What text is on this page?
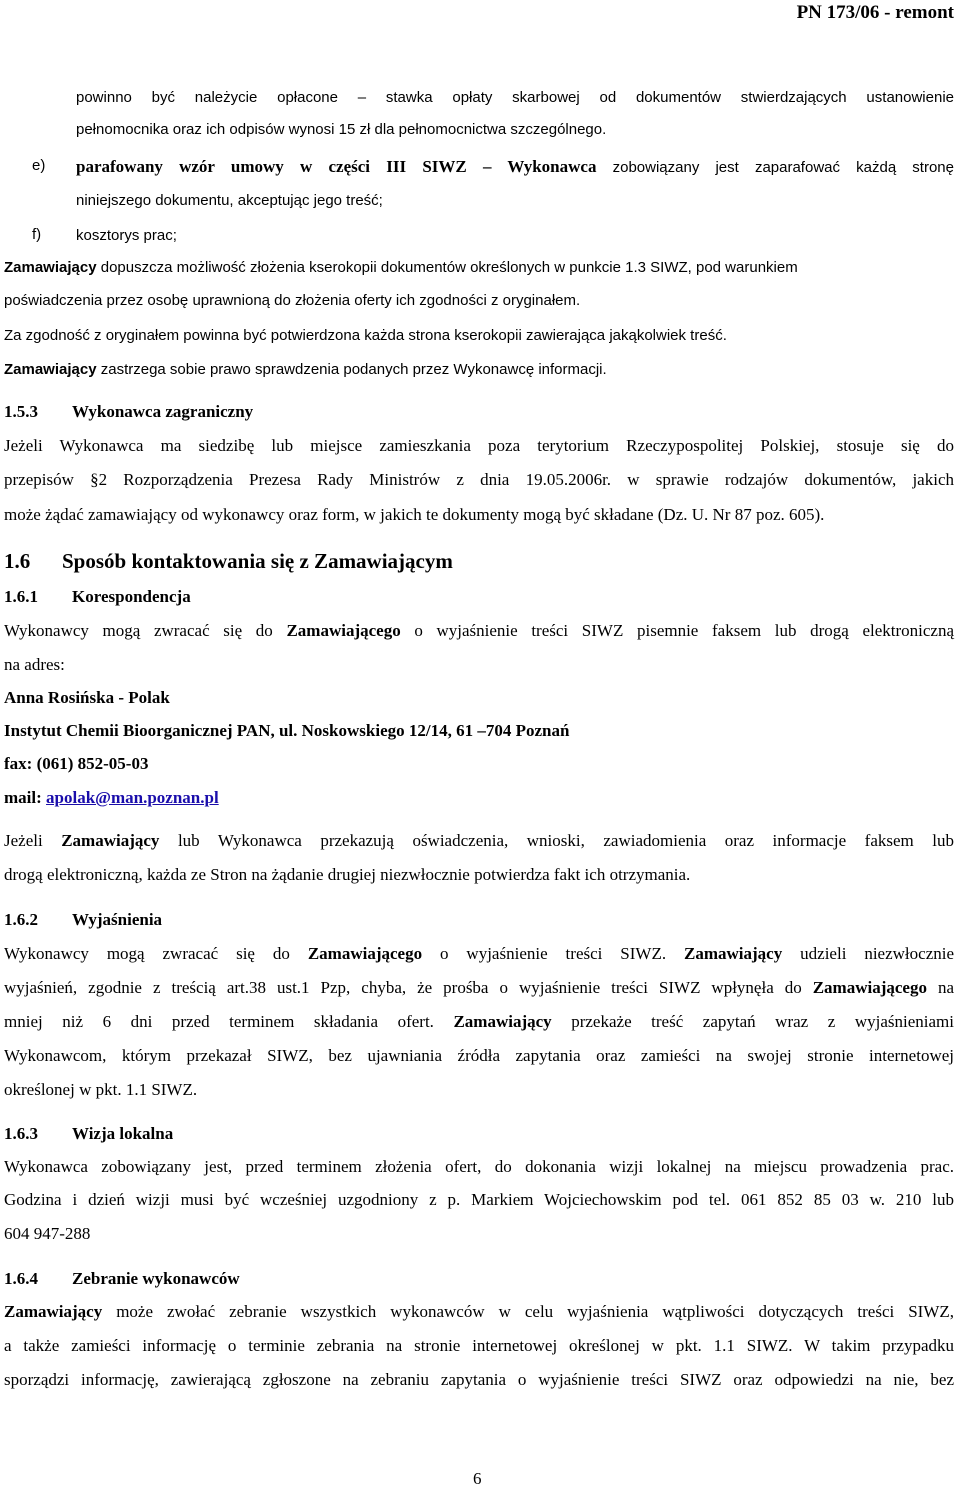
PN 173/06 - remont

powinno być należycie opłacone – stawka opłaty skarbowej od dokumentów stwierdzających ustanowienie

pełnomocnika oraz ich odpisów wynosi 15 zł dla pełnomocnictwa szczególnego.

e) parafowany wzór umowy w części III SIWZ – Wykonawca zobowiązany jest zaparafować każdą stronę

niniejszego dokumentu, akceptując jego treść;

f) kosztorys prac;

Zamawiający dopuszcza możliwość złożenia kserokopii dokumentów określonych w punkcie 1.3 SIWZ, pod warunkiem

poświadczenia przez osobę uprawnioną do złożenia oferty ich zgodności z oryginałem.

Za zgodność z oryginałem powinna być potwierdzona każda strona kserokopii zawierająca jakąkolwiek treść.

Zamawiający zastrzega sobie prawo sprawdzenia podanych przez Wykonawcę informacji.

1.5.3 Wykonawca zagraniczny

Jeżeli Wykonawca ma siedzibę lub miejsce zamieszkania poza terytorium Rzeczypospolitej Polskiej, stosuje się do

przepisów §2 Rozporządzenia Prezesa Rady Ministrów z dnia 19.05.2006r. w sprawie rodzajów dokumentów, jakich

może żądać zamawiający od wykonawcy oraz form, w jakich te dokumenty mogą być składane (Dz. U. Nr 87 poz. 605).

1.6 Sposób kontaktowania się z Zamawiającym

1.6.1 Korespondencja

Wykonawcy mogą zwracać się do Zamawiającego o wyjaśnienie treści SIWZ pisemnie faksem lub drogą elektroniczną

na adres:

Anna Rosińska - Polak

Instytut Chemii Bioorganicznej PAN, ul. Noskowskiego 12/14, 61 –704 Poznań

fax: (061) 852-05-03

mail: apolak@man.poznan.pl

Jeżeli Zamawiający lub Wykonawca przekazują oświadczenia, wnioski, zawiadomienia oraz informacje faksem lub

drogą elektroniczną, każda ze Stron na żądanie drugiej niezwłocznie potwierdza fakt ich otrzymania.

1.6.2 Wyjaśnienia

Wykonawcy mogą zwracać się do Zamawiającego o wyjaśnienie treści SIWZ. Zamawiający udzieli niezwłocznie

wyjaśnień, zgodnie z treścią art.38 ust.1 Pzp, chyba, że prośba o wyjaśnienie treści SIWZ wpłynęła do Zamawiającego na

mniej niż 6 dni przed terminem składania ofert. Zamawiający przekaże treść zapytań wraz z wyjaśnieniami

Wykonawcom, którym przekazał SIWZ, bez ujawniania źródła zapytania oraz zamieści na swojej stronie internetowej

określonej w pkt. 1.1 SIWZ.

1.6.3 Wizja lokalna

Wykonawca zobowiązany jest, przed terminem złożenia ofert, do dokonania wizji lokalnej na miejscu prowadzenia prac.

Godzina i dzień wizji musi być wcześniej uzgodniony z p. Markiem Wojciechowskim pod tel. 061 852 85 03 w. 210 lub

604 947-288

1.6.4 Zebranie wykonawców

Zamawiający może zwołać zebranie wszystkich wykonawców w celu wyjaśnienia wątpliwości dotyczących treści SIWZ,

a także zamieści informację o terminie zebrania na stronie internetowej określonej w pkt. 1.1 SIWZ. W takim przypadku

sporządzi informację, zawierającą zgłoszone na zebraniu zapytania o wyjaśnienie treści SIWZ oraz odpowiedzi na nie, bez

6
